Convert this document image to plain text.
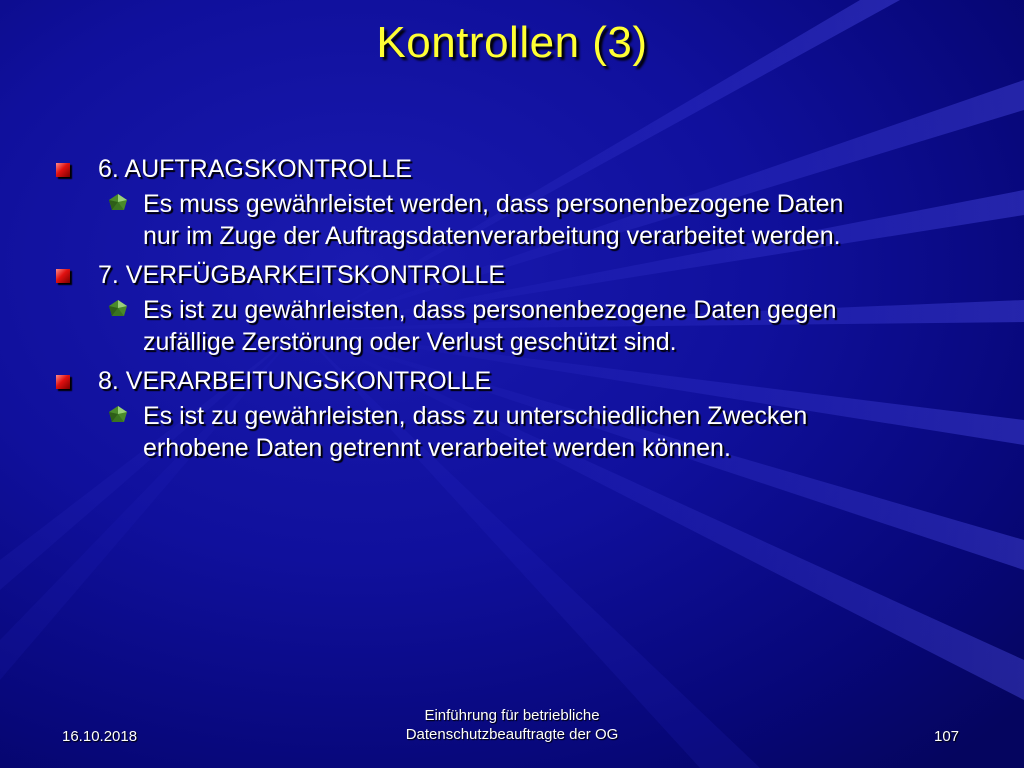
Kontrollen (3)
6. AUFTRAGSKONTROLLE
Es muss gewährleistet werden, dass personenbezogene Daten
nur im Zuge der Auftragsdatenverarbeitung verarbeitet werden.
7. VERFÜGBARKEITSKONTROLLE
Es ist zu gewährleisten, dass personenbezogene Daten gegen
zufällige Zerstörung oder Verlust geschützt sind.
8. VERARBEITUNGSKONTROLLE
Es ist zu gewährleisten, dass zu unterschiedlichen Zwecken
erhobene Daten getrennt verarbeitet werden können.
16.10.2018
Einführung für betriebliche
Datenschutzbeauftragte der OG	107
